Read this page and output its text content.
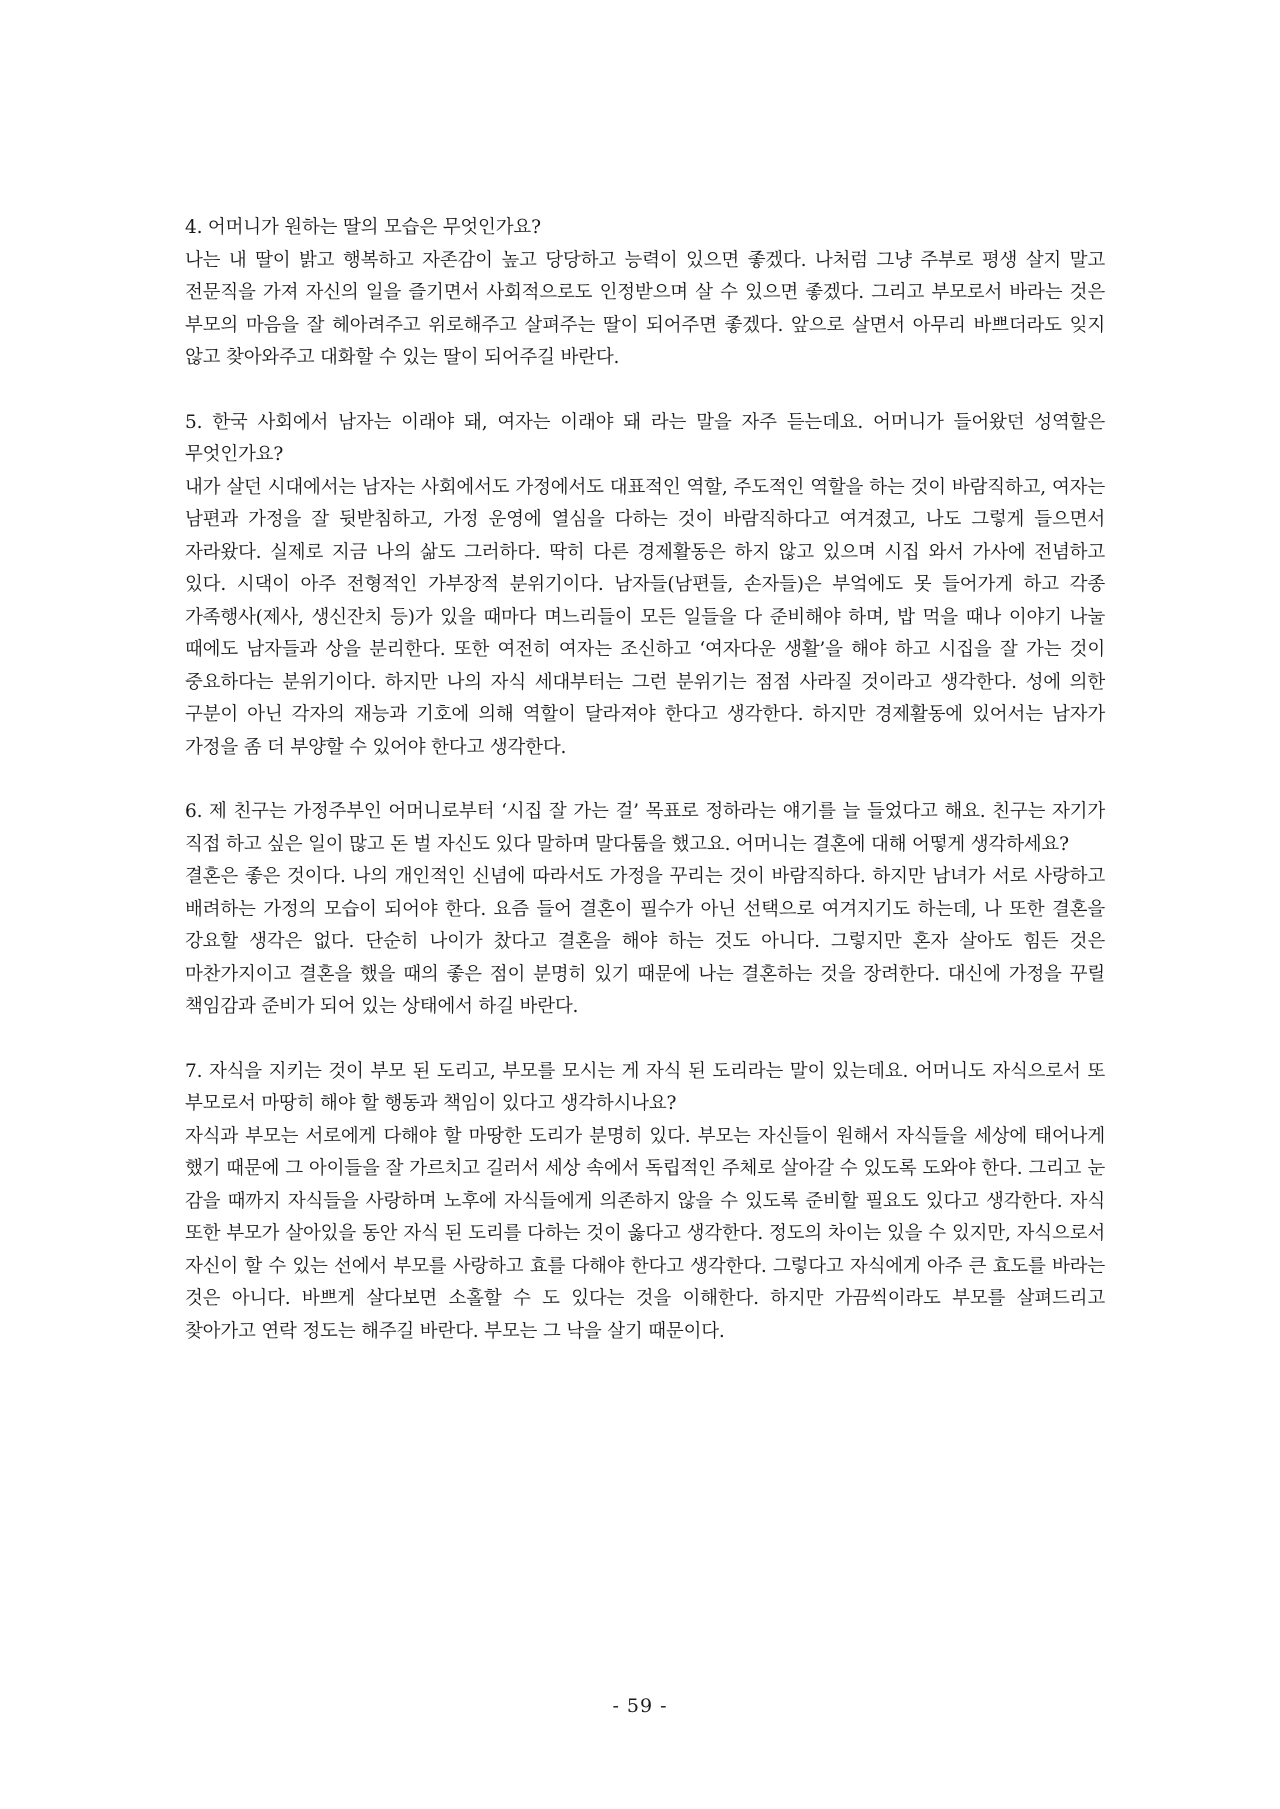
4. 어머니가 원하는 딸의 모습은 무엇인가요?

나는 내 딸이 밝고 행복하고 자존감이 높고 당당하고 능력이 있으면 좋겠다. 나처럼 그냥 주부로 평생 살지 말고 전문직을 가져 자신의 일을 즐기면서 사회적으로도 인정받으며 살 수 있으면 좋겠다. 그리고 부모로서 바라는 것은 부모의 마음을 잘 헤아려주고 위로해주고 살펴주는 딸이 되어주면 좋겠다. 앞으로 살면서 아무리 바쁘더라도 잊지 않고 찾아와주고 대화할 수 있는 딸이 되어주길 바란다.

5. 한국 사회에서 남자는 이래야 돼, 여자는 이래야 돼 라는 말을 자주 듣는데요. 어머니가 들어왔던 성역할은 무엇인가요?

내가 살던 시대에서는 남자는 사회에서도 가정에서도 대표적인 역할, 주도적인 역할을 하는 것이 바람직하고, 여자는 남편과 가정을 잘 뒷받침하고, 가정 운영에 열심을 다하는 것이 바람직하다고 여겨졌고, 나도 그렇게 들으면서 자라왔다. 실제로 지금 나의 삶도 그러하다. 딱히 다른 경제활동은 하지 않고 있으며 시집 와서 가사에 전념하고 있다. 시댁이 아주 전형적인 가부장적 분위기이다. 남자들(남편들, 손자들)은 부엌에도 못 들어가게 하고 각종 가족행사(제사, 생신잔치 등)가 있을 때마다 며느리들이 모든 일들을 다 준비해야 하며, 밥 먹을 때나 이야기 나눌 때에도 남자들과 상을 분리한다. 또한 여전히 여자는 조신하고 ‘여자다운 생활’을 해야 하고 시집을 잘 가는 것이 중요하다는 분위기이다. 하지만 나의 자식 세대부터는 그런 분위기는 점점 사라질 것이라고 생각한다. 성에 의한 구분이 아닌 각자의 재능과 기호에 의해 역할이 달라져야 한다고 생각한다. 하지만 경제활동에 있어서는 남자가 가정을 좀 더 부양할 수 있어야 한다고 생각한다.

6. 제 친구는 가정주부인 어머니로부터 ‘시집 잘 가는 걸’ 목표로 정하라는 얘기를 늘 들었다고 해요. 친구는 자기가 직접 하고 싶은 일이 많고 돈 벌 자신도 있다 말하며 말다툼을 했고요. 어머니는 결혼에 대해 어떻게 생각하세요?

결혼은 좋은 것이다. 나의 개인적인 신념에 따라서도 가정을 꾸리는 것이 바람직하다. 하지만 남녀가 서로 사랑하고 배려하는 가정의 모습이 되어야 한다. 요즘 들어 결혼이 필수가 아닌 선택으로 여겨지기도 하는데, 나 또한 결혼을 강요할 생각은 없다. 단순히 나이가 찼다고 결혼을 해야 하는 것도 아니다. 그렇지만 혼자 살아도 힘든 것은 마찬가지이고 결혼을 했을 때의 좋은 점이 분명히 있기 때문에 나는 결혼하는 것을 장려한다. 대신에 가정을 꾸릴 책임감과 준비가 되어 있는 상태에서 하길 바란다.

7. 자식을 지키는 것이 부모 된 도리고, 부모를 모시는 게 자식 된 도리라는 말이 있는데요. 어머니도 자식으로서 또 부모로서 마땅히 해야 할 행동과 책임이 있다고 생각하시나요?

자식과 부모는 서로에게 다해야 할 마땅한 도리가 분명히 있다. 부모는 자신들이 원해서 자식들을 세상에 태어나게 했기 때문에 그 아이들을 잘 가르치고 길러서 세상 속에서 독립적인 주체로 살아갈 수 있도록 도와야 한다. 그리고 눈 감을 때까지 자식들을 사랑하며 노후에 자식들에게 의존하지 않을 수 있도록 준비할 필요도 있다고 생각한다. 자식 또한 부모가 살아있을 동안 자식 된 도리를 다하는 것이 옳다고 생각한다. 정도의 차이는 있을 수 있지만, 자식으로서 자신이 할 수 있는 선에서 부모를 사랑하고 효를 다해야 한다고 생각한다. 그렇다고 자식에게 아주 큰 효도를 바라는 것은 아니다. 바쁘게 살다보면 소홀할 수 도 있다는 것을 이해한다. 하지만 가끔씩이라도 부모를 살펴드리고 찾아가고 연락 정도는 해주길 바란다. 부모는 그 낙을 살기 때문이다.

- 59 -
